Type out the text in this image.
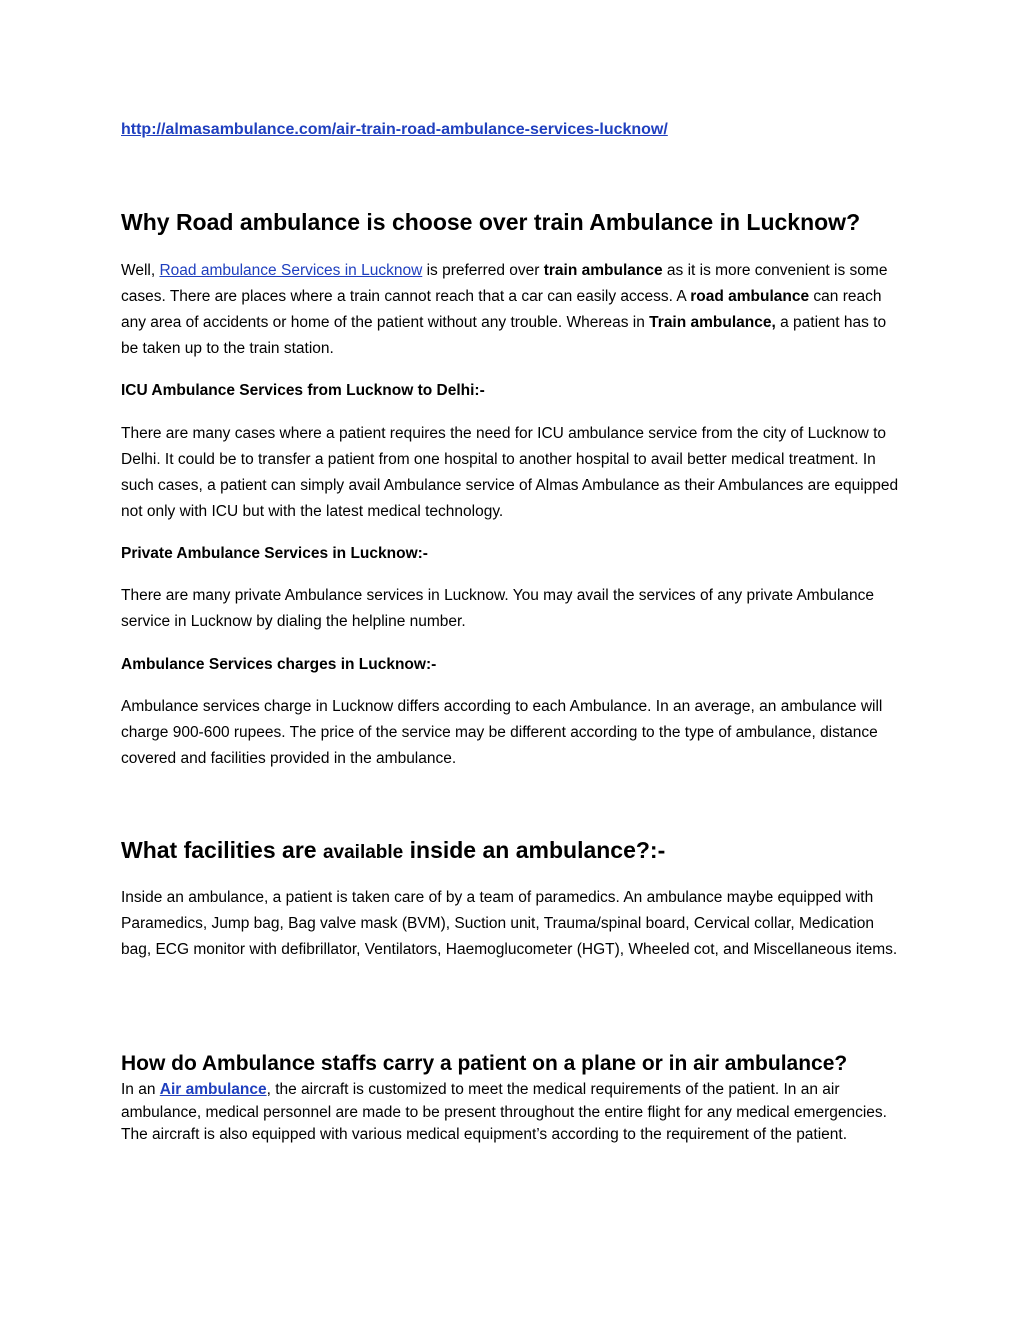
http://almasambulance.com/air-train-road-ambulance-services-lucknow/
Why Road ambulance is choose over train Ambulance in Lucknow?

Well, Road ambulance Services in Lucknow is preferred over train ambulance as it is more convenient is some cases. There are places where a train cannot reach that a car can easily access. A road ambulance can reach any area of accidents or home of the patient without any trouble. Whereas in Train ambulance, a patient has to be taken up to the train station.

ICU Ambulance Services from Lucknow to Delhi:-

There are many cases where a patient requires the need for ICU ambulance service from the city of Lucknow to Delhi. It could be to transfer a patient from one hospital to another hospital to avail better medical treatment. In such cases, a patient can simply avail Ambulance service of Almas Ambulance as their Ambulances are equipped not only with ICU but with the latest medical technology.

Private Ambulance Services in Lucknow:-

There are many private Ambulance services in Lucknow. You may avail the services of any private Ambulance service in Lucknow by dialing the helpline number.

Ambulance Services charges in Lucknow:-

Ambulance services charge in Lucknow differs according to each Ambulance. In an average, an ambulance will charge 900-600 rupees. The price of the service may be different according to the type of ambulance, distance covered and facilities provided in the ambulance.

What facilities are available inside an ambulance?:-

Inside an ambulance, a patient is taken care of by a team of paramedics. An ambulance maybe equipped with Paramedics, Jump bag, Bag valve mask (BVM), Suction unit, Trauma/spinal board, Cervical collar, Medication bag, ECG monitor with defibrillator, Ventilators, Haemoglucometer (HGT), Wheeled cot, and Miscellaneous items.

How do Ambulance staffs carry a patient on a plane or in air ambulance?

In an Air ambulance, the aircraft is customized to meet the medical requirements of the patient. In an air ambulance, medical personnel are made to be present throughout the entire flight for any medical emergencies. The aircraft is also equipped with various medical equipment’s according to the requirement of the patient.
